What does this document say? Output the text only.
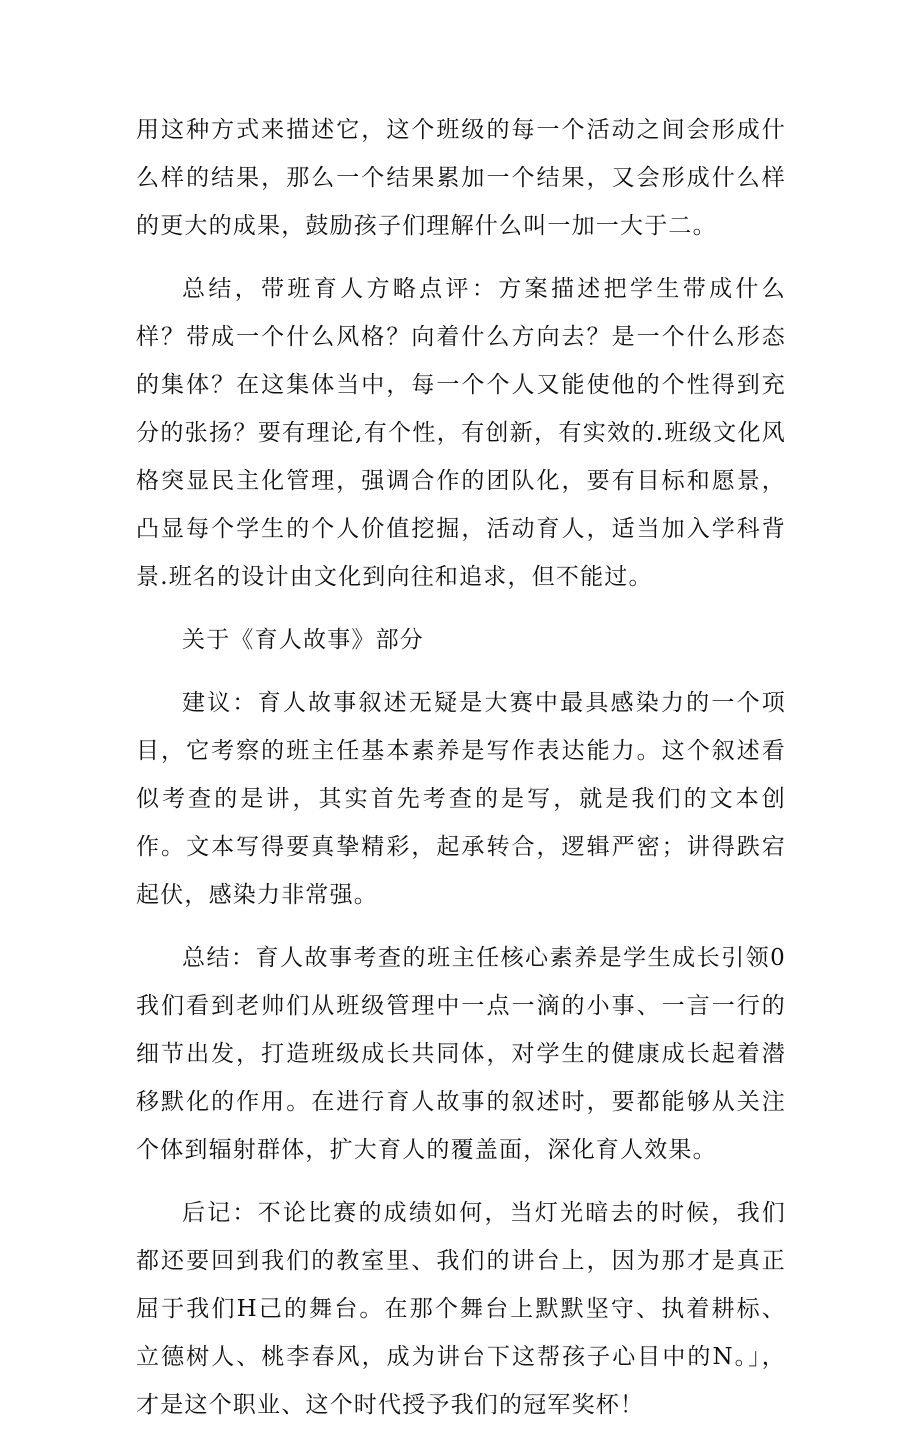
用这种方式来描述它，这个班级的每一个活动之间会形成什么样的结果，那么一个结果累加一个结果，又会形成什么样的更大的成果，鼓励孩子们理解什么叫一加一大于二。

总结，带班育人方略点评：方案描述把学生带成什么样？带成一个什么风格？向着什么方向去？是一个什么形态的集体？在这集体当中，每一个个人又能使他的个性得到充分的张扬？要有理论,有个性，有创新，有实效的.班级文化风格突显民主化管理，强调合作的团队化，要有目标和愿景，凸显每个学生的个人价值挖掘，活动育人，适当加入学科背景.班名的设计由文化到向往和追求，但不能过。

关于《育人故事》部分

建议：育人故事叙述无疑是大赛中最具感染力的一个项目，它考察的班主任基本素养是写作表达能力。这个叙述看似考查的是讲，其实首先考查的是写，就是我们的文本创作。文本写得要真挚精彩，起承转合，逻辑严密；讲得跌宕起伏，感染力非常强。

总结：育人故事考查的班主任核心素养是学生成长引领0我们看到老帅们从班级管理中一点一滴的小事、一言一行的细节出发，打造班级成长共同体，对学生的健康成长起着潜移默化的作用。在进行育人故事的叙述时，要都能够从关注个体到辐射群体，扩大育人的覆盖面，深化育人效果。

后记：不论比赛的成绩如何，当灯光暗去的时候，我们都还要回到我们的教室里、我们的讲台上，因为那才是真正屈于我们H己的舞台。在那个舞台上默默坚守、执着耕标、立德树人、桃李春风，成为讲台下这帮孩子心目中的N。」，才是这个职业、这个时代授予我们的冠军奖杯！
